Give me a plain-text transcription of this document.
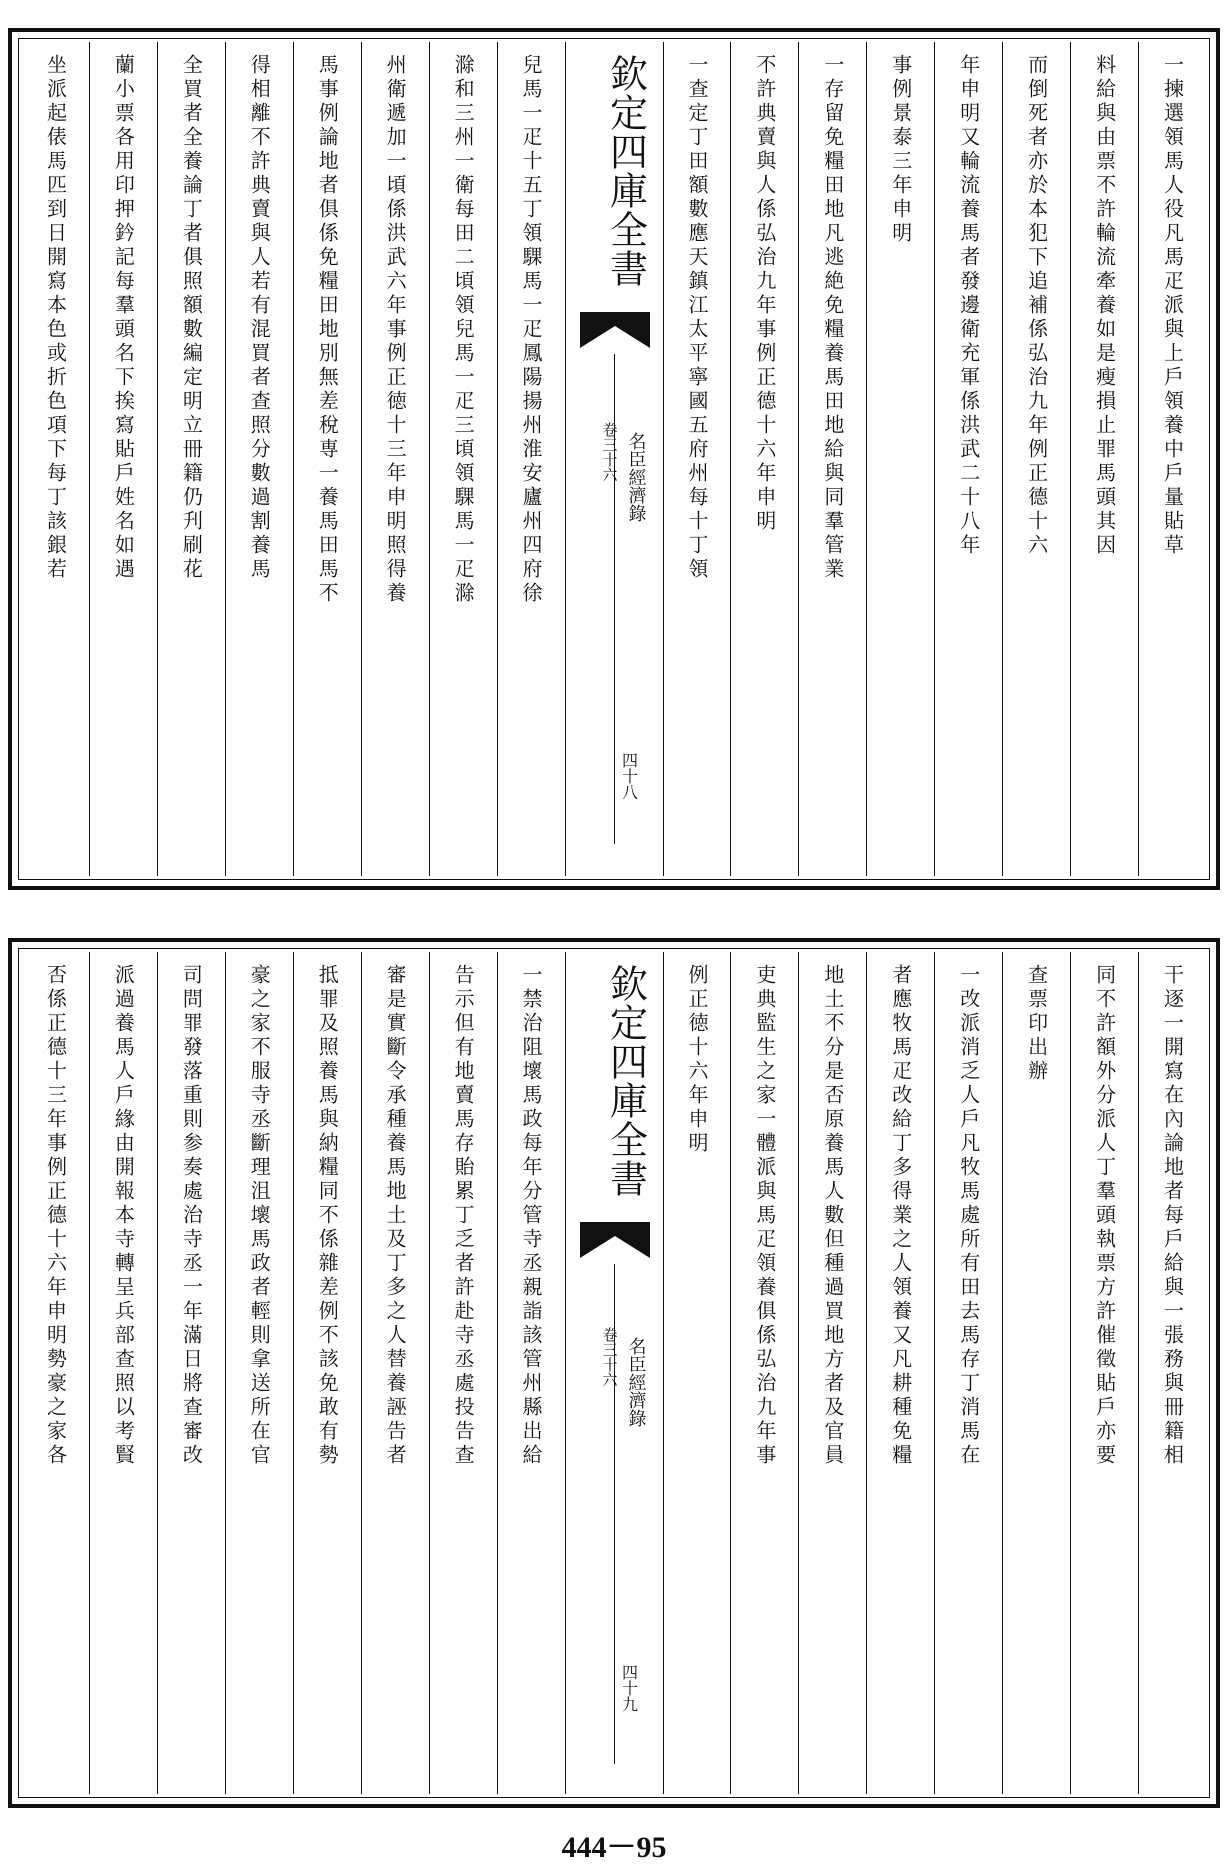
一揀選領馬人役凡馬疋派與上戶領養中戶量貼草
料給與由票不許輪流牽養如是瘦損止罪馬頭其因
而倒死者亦於本犯下追補係弘治九年例正德十六
年申明又輪流養馬者發邊衛充軍係洪武二十八年
事例景泰三年申明
一存留免糧田地凡逃絶免糧養馬田地給與同羣管業
不許典賣與人係弘治九年事例正德十六年申明
一查定丁田額數應天鎮江太平寧國五府州每十丁領
欽定四庫全書
名臣經濟錄
卷三十六
四十八
兒馬一疋十五丁領騍馬一疋鳳陽揚州淮安廬州四府徐
滁和三州一衛每田二頃領兒馬一疋三頃領騍馬一疋滁
州衛遞加一頃係洪武六年事例正徳十三年申明照得養
馬事例論地者俱係免糧田地別無差稅専一養馬田馬不
得相離不許典賣與人若有混買者查照分數過割養馬
全買者全養論丁者俱照額數編定明立冊籍仍刋刷花
蘭小票各用印押鈐記每羣頭名下挨寫貼戶姓名如遇
坐派起俵馬匹到日開寫本色或折色項下每丁該銀若
干逐一開寫在內論地者每戶給與一張務與冊籍相
同不許額外分派人丁羣頭執票方許催徵貼戶亦要
查票印出辦
一改派消乏人戶凡牧馬處所有田去馬存丁消馬在
者應牧馬疋改給丁多得業之人領養又凡耕種免糧
地土不分是否原養馬人數但種過買地方者及官員
吏典監生之家一體派與馬疋領養俱係弘治九年事
例正徳十六年申明
欽定四庫全書
名臣經濟錄
卷三十六
四十九
一禁治阻壞馬政每年分管寺丞親詣該管州縣出給
告示但有地賣馬存貽累丁乏者許赴寺丞處投告查
審是實斷令承種養馬地土及丁多之人替養誣告者
抵罪及照養馬與納糧同不係雜差例不該免敢有勢
豪之家不服寺丞斷理沮壞馬政者輕則拿送所在官
司問罪發落重則参奏處治寺丞一年滿日將查審改
派過養馬人戶緣由開報本寺轉呈兵部查照以考賢
否係正德十三年事例正德十六年申明勢豪之家各
444－95
